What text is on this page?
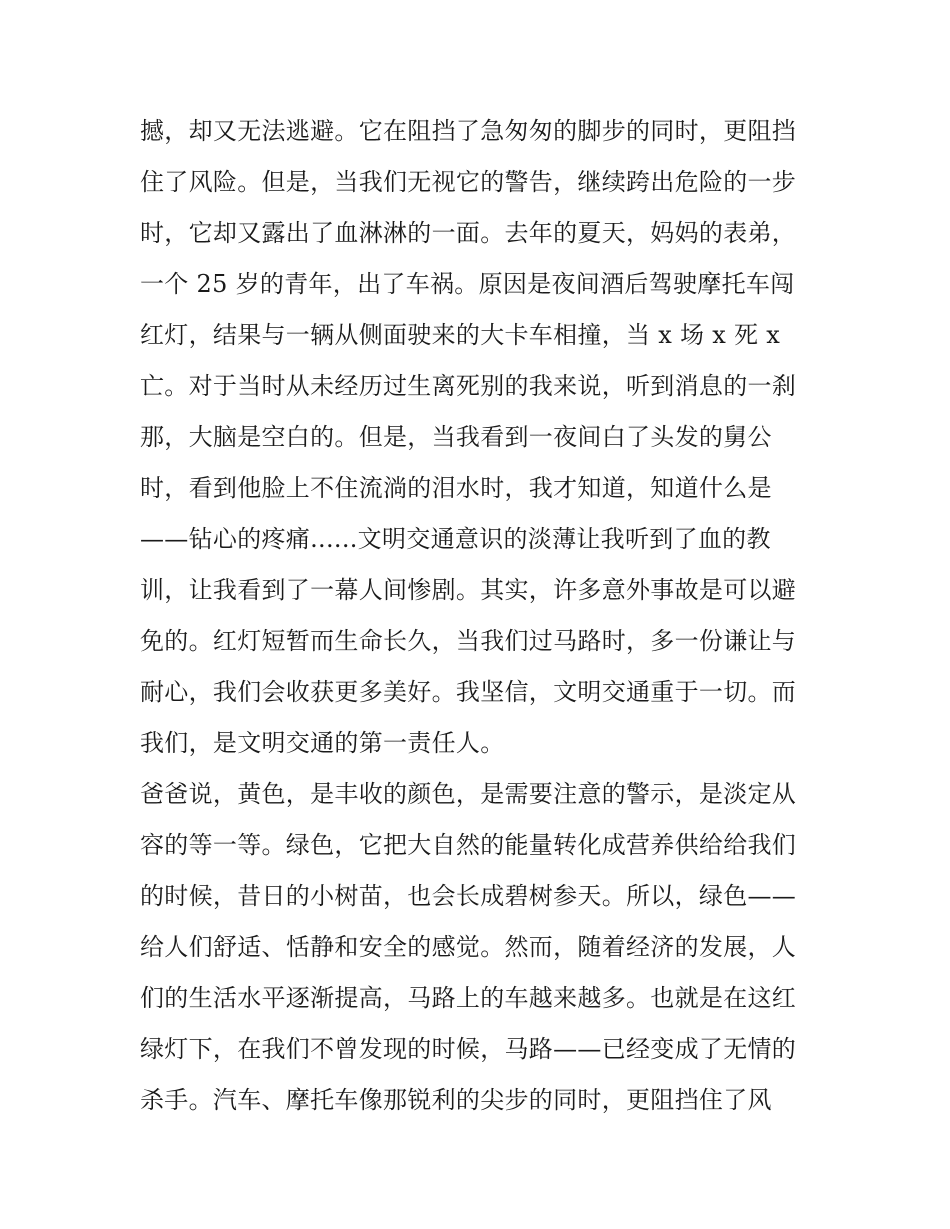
撼，却又无法逃避。它在阻挡了急匆匆的脚步的同时，更阻挡
住了风险。但是，当我们无视它的警告，继续跨出危险的一步
时，它却又露出了血淋淋的一面。去年的夏天，妈妈的表弟，
一个 25 岁的青年，出了车祸。原因是夜间酒后驾驶摩托车闯
红灯，结果与一辆从侧面驶来的大卡车相撞，当 x 场 x 死 x
亡。对于当时从未经历过生离死别的我来说，听到消息的一刹
那，大脑是空白的。但是，当我看到一夜间白了头发的舅公
时，看到他脸上不住流淌的泪水时，我才知道，知道什么是
——钻心的疼痛......文明交通意识的淡薄让我听到了血的教
训，让我看到了一幕人间惨剧。其实，许多意外事故是可以避
免的。红灯短暂而生命长久，当我们过马路时，多一份谦让与
耐心，我们会收获更多美好。我坚信，文明交通重于一切。而
我们，是文明交通的第一责任人。
爸爸说，黄色，是丰收的颜色，是需要注意的警示，是淡定从
容的等一等。绿色，它把大自然的能量转化成营养供给给我们
的时候，昔日的小树苗，也会长成碧树参天。所以，绿色——
给人们舒适、恬静和安全的感觉。然而，随着经济的发展，人
们的生活水平逐渐提高，马路上的车越来越多。也就是在这红
绿灯下，在我们不曾发现的时候，马路——已经变成了无情的
杀手。汽车、摩托车像那锐利的尖步的同时，更阻挡住了风
